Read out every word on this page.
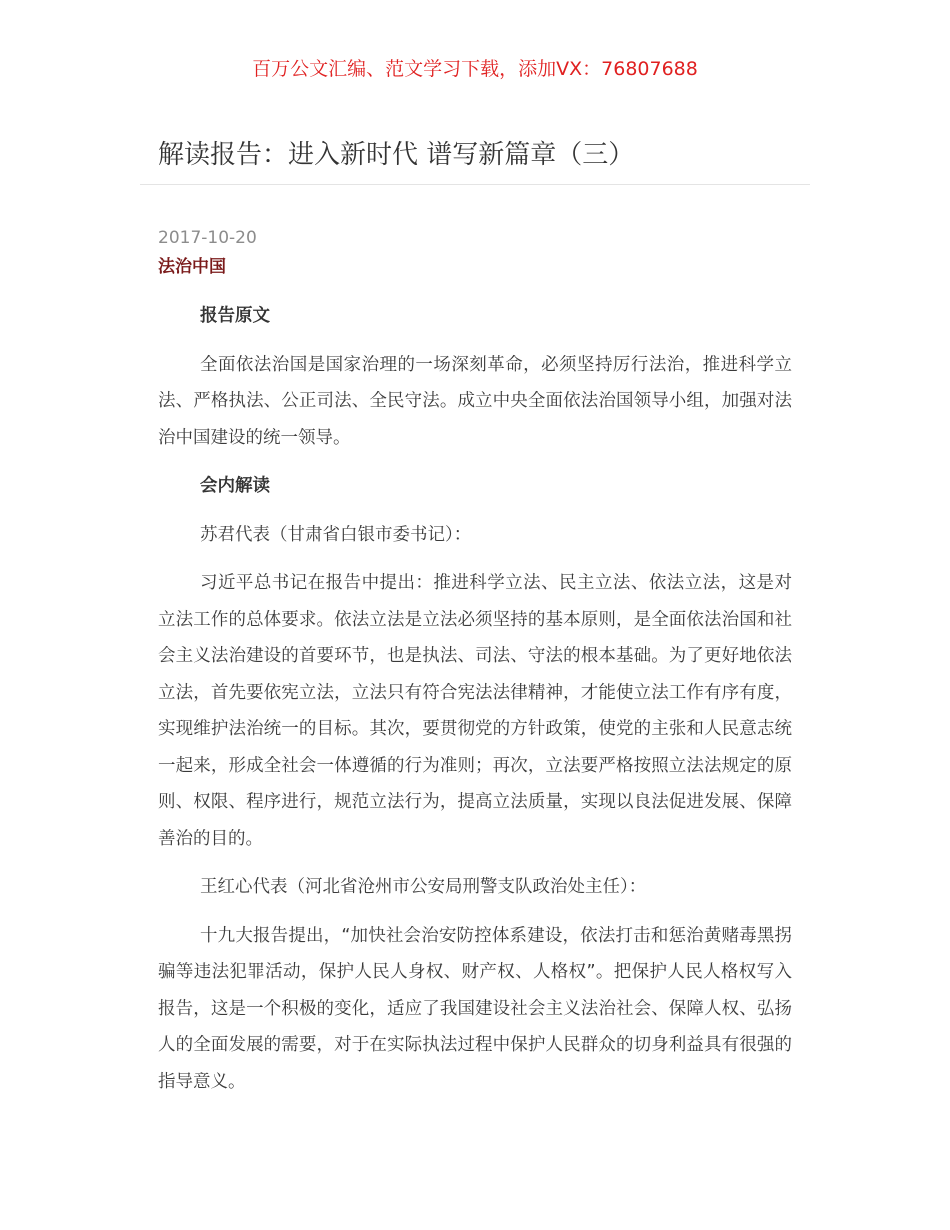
百万公文汇编、范文学习下载，添加VX：76807688
解读报告：进入新时代 谱写新篇章（三）
2017-10-20
法治中国

报告原文

全面依法治国是国家治理的一场深刻革命，必须坚持厉行法治，推进科学立法、严格执法、公正司法、全民守法。成立中央全面依法治国领导小组，加强对法治中国建设的统一领导。

会内解读

苏君代表（甘肃省白银市委书记）：

习近平总书记在报告中提出：推进科学立法、民主立法、依法立法，这是对立法工作的总体要求。依法立法是立法必须坚持的基本原则，是全面依法治国和社会主义法治建设的首要环节，也是执法、司法、守法的根本基础。为了更好地依法立法，首先要依宪立法，立法只有符合宪法法律精神，才能使立法工作有序有度，实现维护法治统一的目标。其次，要贯彻党的方针政策，使党的主张和人民意志统一起来，形成全社会一体遵循的行为准则；再次，立法要严格按照立法法规定的原则、权限、程序进行，规范立法行为，提高立法质量，实现以良法促进发展、保障善治的目的。

王红心代表（河北省沧州市公安局刑警支队政治处主任）：

十九大报告提出，“加快社会治安防控体系建设，依法打击和惩治黄赌毒黑拐骗等违法犯罪活动，保护人民人身权、财产权、人格权”。把保护人民人格权写入报告，这是一个积极的变化，适应了我国建设社会主义法治社会、保障人权、弘扬人的全面发展的需要，对于在实际执法过程中保护人民群众的切身利益具有很强的指导意义。
